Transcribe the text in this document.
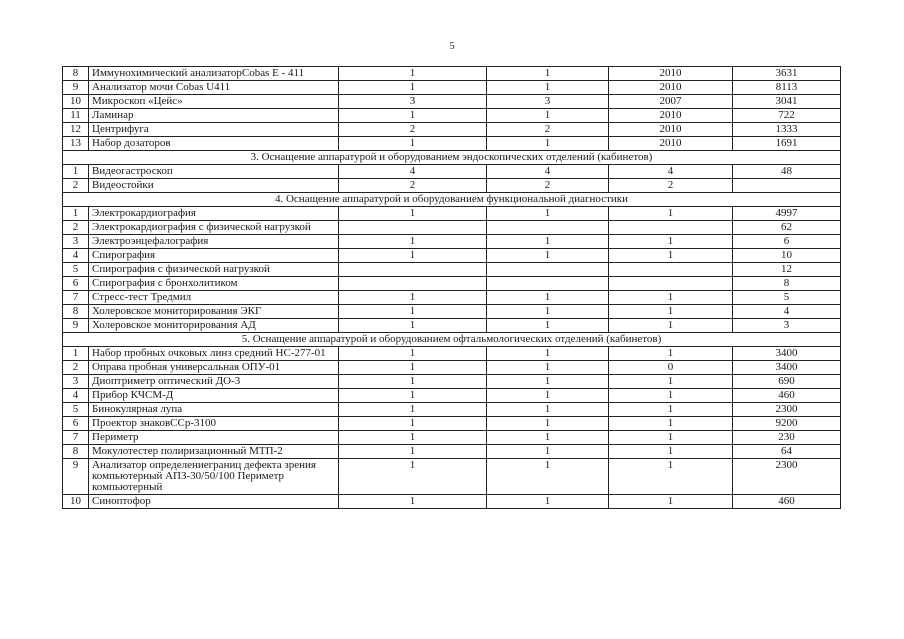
5
8	Иммунохимический анализаторCobas E - 411	1	1	2010	3631
9	Анализатор мочи Cobas U411	1	1	2010	8113
10	Микроскоп «Цейс»	3	3	2007	3041
11	Ламинар	1	1	2010	722
12	Центрифуга	2	2	2010	1333
13	Набор дозаторов	1	1	2010	1691
3. Оснащение аппаратурой и оборудованием эндоскопических отделений (кабинетов)					
1	Видеогастроскоп	4	4	4	48
2	Видеостойки	2	2	2	
4. Оснащение аппаратурой и оборудованием функциональной диагностики					
1	Электрокардиография	1	1	1	4997
2	Электрокардиография с физической нагрузкой				62
3	Электроэнцефалография	1	1	1	6
4	Спирография	1	1	1	10
5	Спирография с физической нагрузкой				12
6	Спирография с бронхолитиком				8
7	Стресс-тест Тредмил	1	1	1	5
8	Холеровское мониторирования ЭКГ	1	1	1	4
9	Холеровское мониторирования АД	1	1	1	3
5. Оснащение аппаратурой и оборудованием офтальмологических отделений (кабинетов)					
1	Набор пробных очковых линз средний НС-277-01	1	1	1	3400
2	Оправа пробная универсальная ОПУ-01	1	1	0	3400
3	Диоптриметр оптический ДО-3	1	1	1	690
4	Прибор КЧСМ-Д	1	1	1	460
5	Бинокулярная лупа	1	1	1	2300
6	Проектор знаковССр-3100	1	1	1	9200
7	Периметр	1	1	1	230
8	Мокулотестер полиризационный МТП-2	1	1	1	64
9	Анализатор определениеграниц дефекта зрения компьютерный АПЗ-30/50/100 Периметр компьютерный	1	1	1	2300
10	Синоптофор	1	1	1	460
